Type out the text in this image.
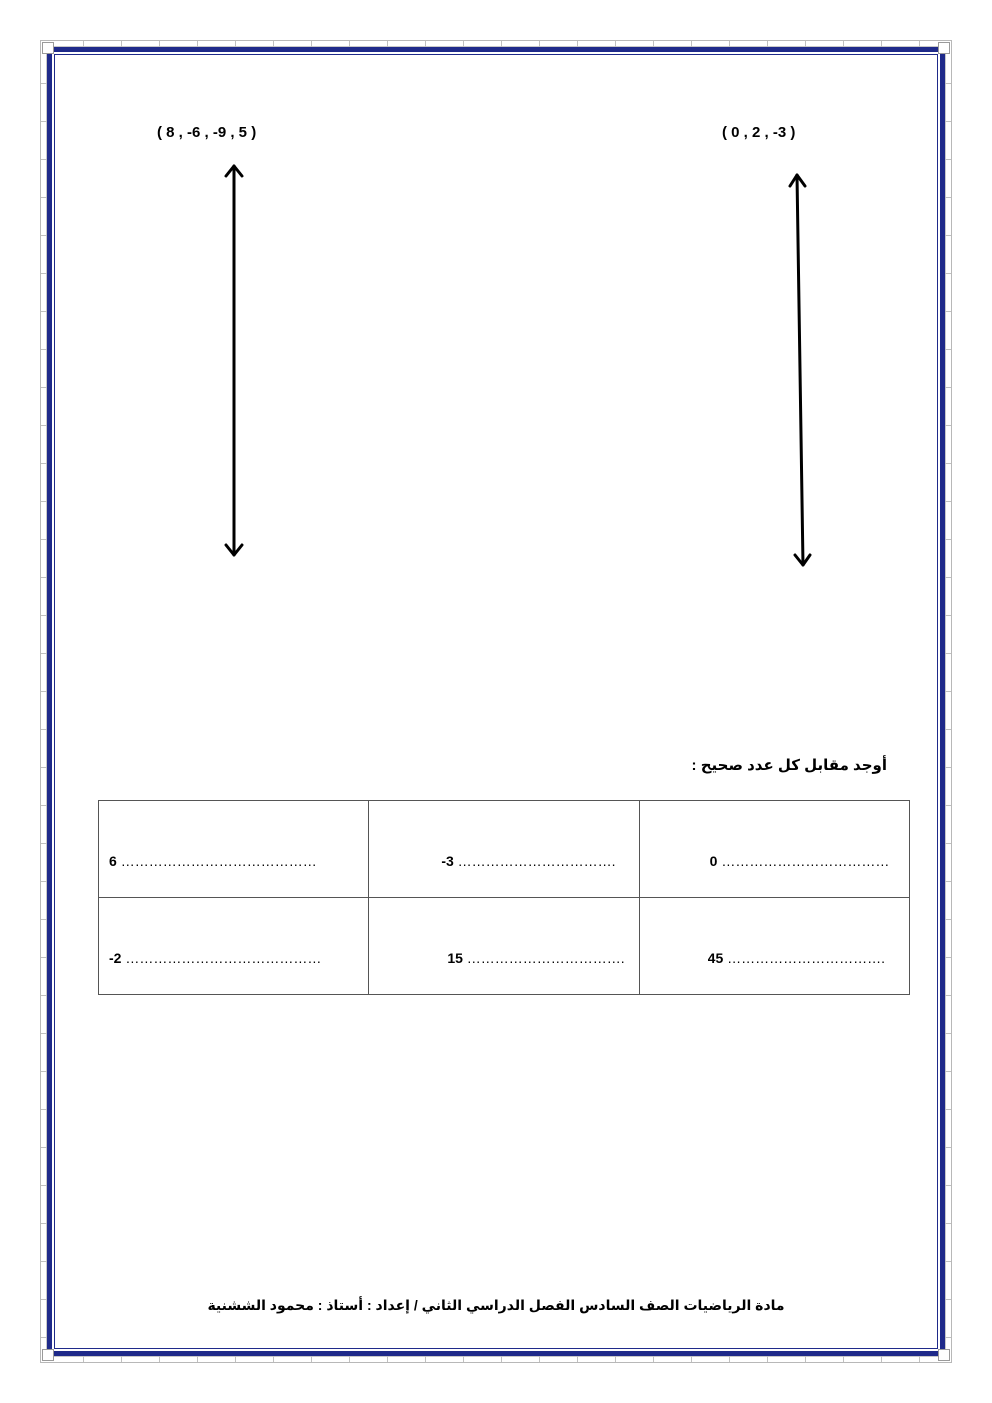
( 8 , -6 , -9 , 5 )	( 0 , 2 , -3 )
أوجد مقابل كل عدد صحيح :
6 ……………………………………	-3 …………………………….	0 ………………………………

-2 ……………………………………	15 …………………………….	45 …………………………….
مادة الرياضيات الصف السادس الفصل الدراسي الثاني / إعداد : أستاذ : محمود الششنية
